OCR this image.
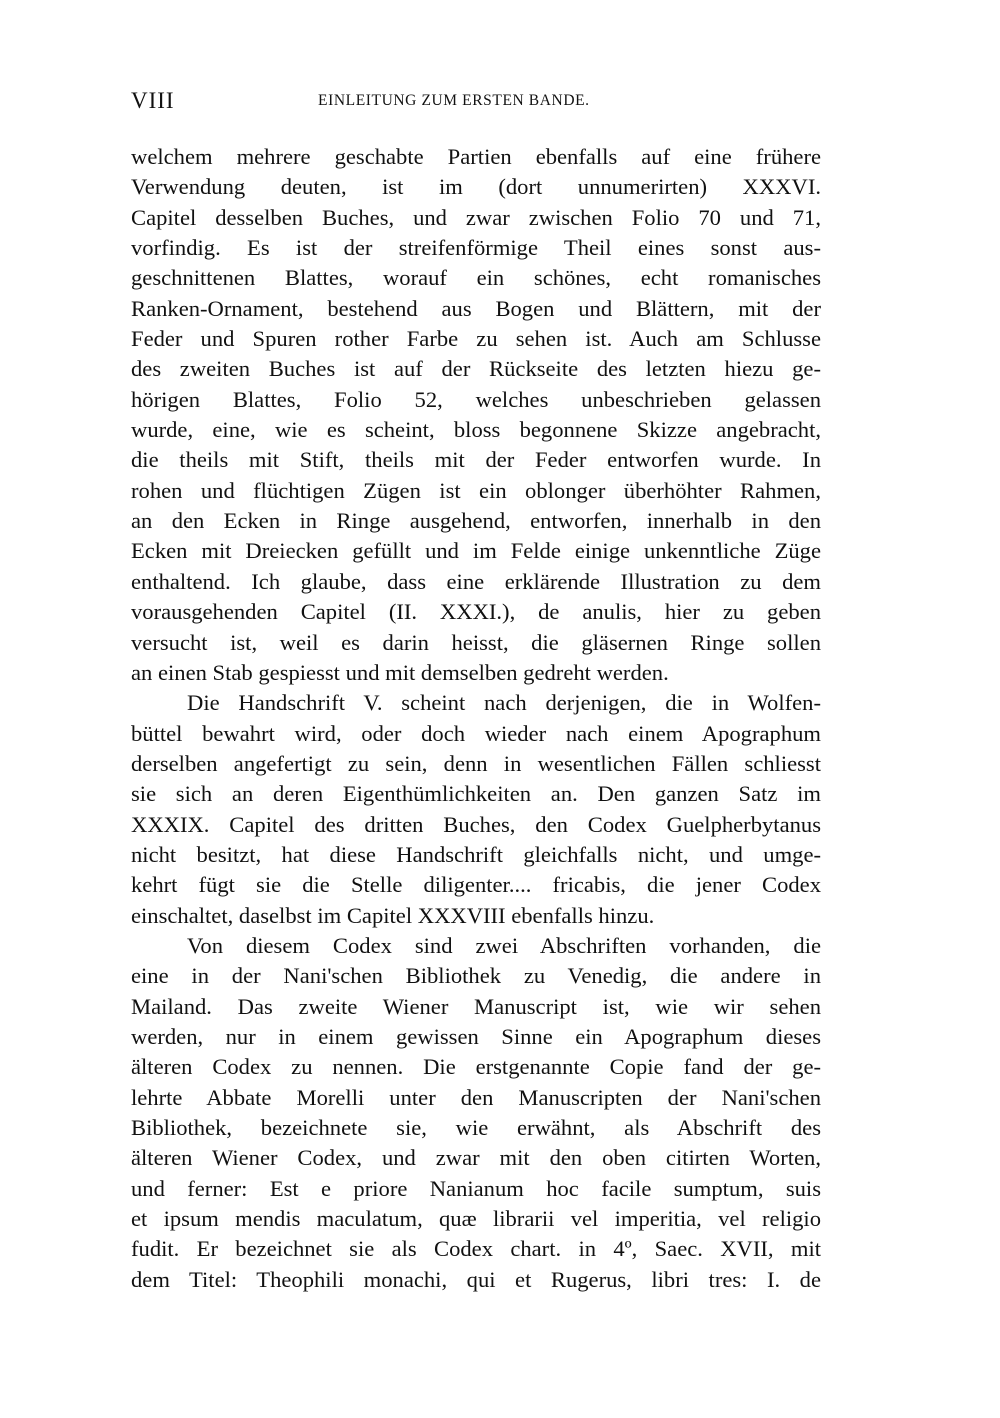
VIII	EINLEITUNG ZUM ERSTEN BANDE.
welchem mehrere geschabte Partien ebenfalls auf eine frühere
Verwendung deuten, ist im (dort unnumerirten) XXXVI.
Capitel desselben Buches, und zwar zwischen Folio 70 und 71,
vorfindig. Es ist der streifenförmige Theil eines sonst aus-
geschnittenen Blattes, worauf ein schönes, echt romanisches
Ranken-Ornament, bestehend aus Bogen und Blättern, mit der
Feder und Spuren rother Farbe zu sehen ist. Auch am Schlusse
des zweiten Buches ist auf der Rückseite des letzten hiezu ge-
hörigen Blattes, Folio 52, welches unbeschrieben gelassen
wurde, eine, wie es scheint, bloss begonnene Skizze angebracht,
die theils mit Stift, theils mit der Feder entworfen wurde. In
rohen und flüchtigen Zügen ist ein oblonger überhöhter Rahmen,
an den Ecken in Ringe ausgehend, entworfen, innerhalb in den
Ecken mit Dreiecken gefüllt und im Felde einige unkenntliche Züge
enthaltend. Ich glaube, dass eine erklärende Illustration zu dem
vorausgehenden Capitel (II. XXXI.), de anulis, hier zu geben
versucht ist, weil es darin heisst, die gläsernen Ringe sollen
an einen Stab gespiesst und mit demselben gedreht werden.
Die Handschrift V. scheint nach derjenigen, die in Wolfen-
büttel bewahrt wird, oder doch wieder nach einem Apographum
derselben angefertigt zu sein, denn in wesentlichen Fällen schliesst
sie sich an deren Eigenthümlichkeiten an. Den ganzen Satz im
XXXIX. Capitel des dritten Buches, den Codex Guelpherbytanus
nicht besitzt, hat diese Handschrift gleichfalls nicht, und umge-
kehrt fügt sie die Stelle diligenter.... fricabis, die jener Codex
einschaltet, daselbst im Capitel XXXVIII ebenfalls hinzu.
Von diesem Codex sind zwei Abschriften vorhanden, die
eine in der Nani'schen Bibliothek zu Venedig, die andere in
Mailand. Das zweite Wiener Manuscript ist, wie wir sehen
werden, nur in einem gewissen Sinne ein Apographum dieses
älteren Codex zu nennen. Die erstgenannte Copie fand der ge-
lehrte Abbate Morelli unter den Manuscripten der Nani'schen
Bibliothek, bezeichnete sie, wie erwähnt, als Abschrift des
älteren Wiener Codex, und zwar mit den oben citirten Worten,
und ferner: Est e priore Nanianum hoc facile sumptum, suis
et ipsum mendis maculatum, quæ librarii vel imperitia, vel religio
fudit. Er bezeichnet sie als Codex chart. in 4º, Saec. XVII, mit
dem Titel: Theophili monachi, qui et Rugerus, libri tres: I. de
